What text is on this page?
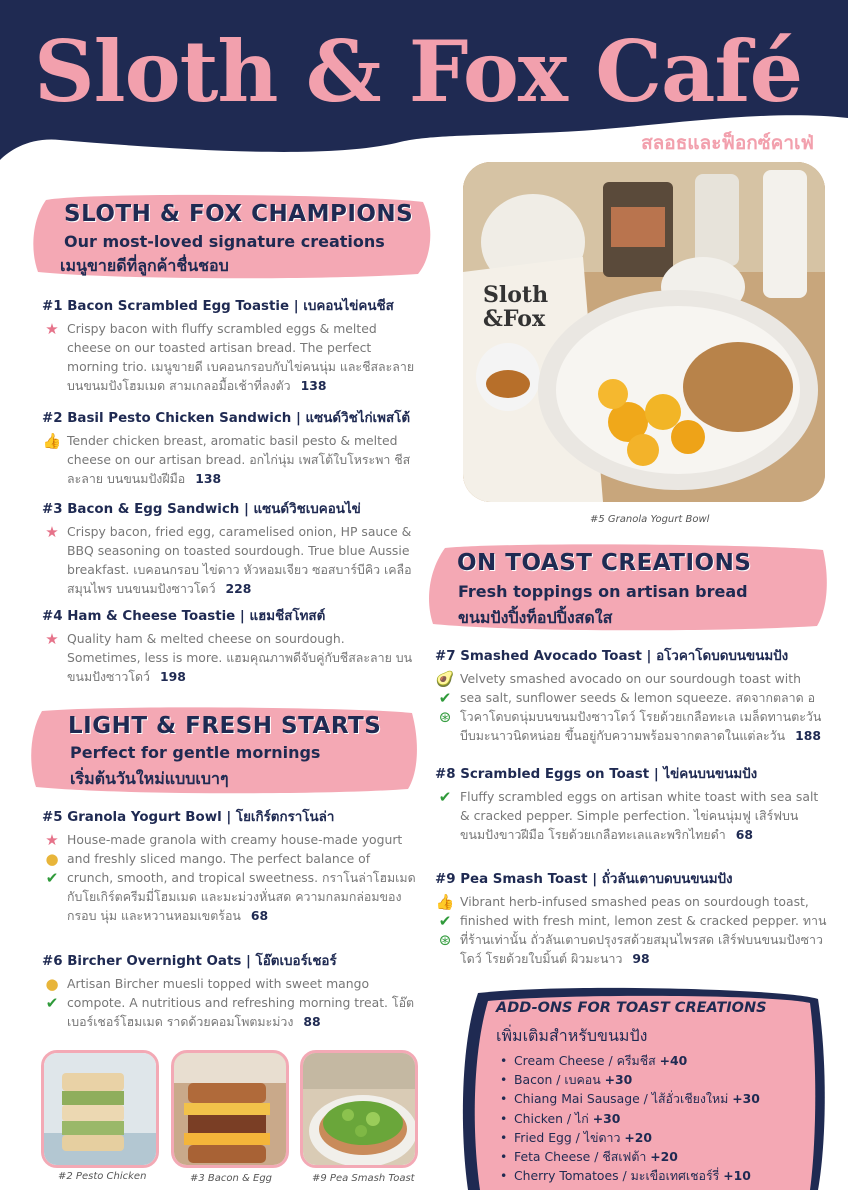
Sloth & Fox Café
สลอธและฟ็อกซ์คาเฟ่
Sloth
&Fox
#5 Granola Yogurt Bowl
SLOTH & FOX CHAMPIONS
Our most-loved signature creations
เมนูขายดีที่ลูกค้าชื่นชอบ
#1 Bacon Scrambled Egg Toastie | เบคอนไข่คนชีส
★ Crispy bacon with fluffy scrambled eggs & melted cheese on our toasted artisan bread. The perfect morning trio. เมนูขายดี เบคอนกรอบกับไข่คนนุ่ม และชีสละลาย บนขนมปังโฮมเมด สามเกลอมื้อเช้าที่ลงตัว 138
#2 Basil Pesto Chicken Sandwich | แซนด์วิชไก่เพสโต้
👍 Tender chicken breast, aromatic basil pesto & melted cheese on our artisan bread. อกไก่นุ่ม เพสโต้ใบโหระพา ชีสละลาย บนขนมปังฝีมือ 138
#3 Bacon & Egg Sandwich | แซนด์วิชเบคอนไข่
★ Crispy bacon, fried egg, caramelised onion, HP sauce & BBQ seasoning on toasted sourdough. True blue Aussie breakfast. เบคอนกรอบ ไข่ดาว หัวหอมเจียว ซอสบาร์บีคิว เคลือสมุนไพร บนขนมปังซาวโดว์ 228
#4 Ham & Cheese Toastie | แฮมชีสโทสต์
★ Quality ham & melted cheese on sourdough. Sometimes, less is more. แฮมคุณภาพดีจับคู่กับชีสละลาย บนขนมปังซาวโดว์ 198
LIGHT & FRESH STARTS
Perfect for gentle mornings
เริ่มต้นวันใหม่แบบเบาๆ
#5 Granola Yogurt Bowl | โยเกิร์ตกราโนล่า
★
●
✔
House-made granola with creamy house-made yogurt and freshly sliced mango. The perfect balance of crunch, smooth, and tropical sweetness. กราโนล่าโฮมเมดกับโยเกิร์ตครีมมี่โฮมเมด และมะม่วงหั่นสด ความกลมกล่อมของกรอบ นุ่ม และหวานหอมเขตร้อน 68
#6 Bircher Overnight Oats | โอ๊ตเบอร์เชอร์
●
✔
Artisan Bircher muesli topped with sweet mango compote. A nutritious and refreshing morning treat. โอ๊ตเบอร์เชอร์โฮมเมด ราดด้วยคอมโพตมะม่วง 88
ON TOAST CREATIONS
Fresh toppings on artisan bread
ขนมปังปิ้งท็อปปิ้งสดใส
#7 Smashed Avocado Toast | อโวคาโดบดบนขนมปัง
🥑
✔
⊛
Velvety smashed avocado on our sourdough toast with sea salt, sunflower seeds & lemon squeeze. สดจากตลาด อโวคาโดบดนุ่มบนขนมปังซาวโดว์ โรยด้วยเกลือทะเล เมล็ดทานตะวัน บีบมะนาวนิดหน่อย ขึ้นอยู่กับความพร้อมจากตลาดในแต่ละวัน 188
#8 Scrambled Eggs on Toast | ไข่คนบนขนมปัง
✔ Fluffy scrambled eggs on artisan white toast with sea salt & cracked pepper. Simple perfection. ไข่คนนุ่มฟู เสิร์ฟบนขนมปังขาวฝีมือ โรยด้วยเกลือทะเลและพริกไทยดำ 68
#9 Pea Smash Toast | ถั่วลันเตาบดบนขนมปัง
👍
✔
⊛
Vibrant herb-infused smashed peas on sourdough toast, finished with fresh mint, lemon zest & cracked pepper. ทานที่ร้านเท่านั้น ถั่วลันเตาบดปรุงรสด้วยสมุนไพรสด เสิร์ฟบนขนมปังซาวโดว์ โรยด้วยใบมิ้นต์ ผิวมะนาว 98
ADD-ONS FOR TOAST CREATIONS
เพิ่มเติมสำหรับขนมปัง
• Cream Cheese / ครีมชีส +40
• Bacon / เบคอน +30
• Chiang Mai Sausage / ไส้อั่วเชียงใหม่ +30
• Chicken / ไก่ +30
• Fried Egg / ไข่ดาว +20
• Feta Cheese / ชีสเฟต้า +20
• Cherry Tomatoes / มะเขือเทศเชอร์รี่ +10
#2 Pesto Chicken	#3 Bacon & Egg	#9 Pea Smash Toast
